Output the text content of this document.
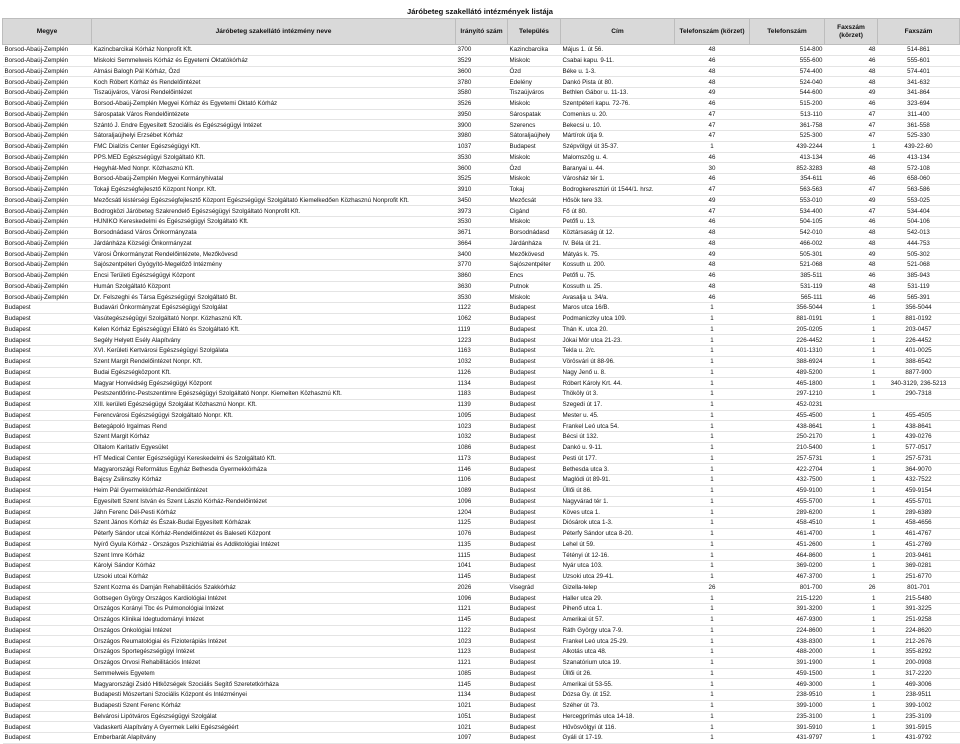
Járóbeteg szakellátó intézmények listája
Megye	Járóbeteg szakellátó intézmény neve	Irányító szám	Település	Cím	Telefonszám (körzet)	Telefonszám	Faxszám (körzet)	Faxszám
Borsod-Abaúj-Zemplén	Kazincbarcikai Kórház Nonprofit Kft.	3700	Kazincbarcika	Május 1. út 56.	48	514-800	48	514-861
Borsod-Abaúj-Zemplén	Miskolci Semmelweis Kórház és Egyetemi Oktatókórház	3529	Miskolc	Csabai kapu. 9-11.	46	555-600	46	555-601
Borsod-Abaúj-Zemplén	Almási Balogh Pál Kórház, Ózd	3600	Ózd	Béke u. 1-3.	48	574-400	48	574-401
Borsod-Abaúj-Zemplén	Koch Róbert Kórház és Rendelőintézet	3780	Edelény	Dankó Pista út 80.	48	524-040	48	341-632
Borsod-Abaúj-Zemplén	Tiszaújváros, Városi Rendelőintézet	3580	Tiszaújváros	Bethlen Gábor u. 11-13.	49	544-600	49	341-864
Borsod-Abaúj-Zemplén	Borsod-Abaúj-Zemplén Megyei Kórház és Egyetemi Oktató Kórház	3526	Miskolc	Szentpéteri kapu. 72-76.	46	515-200	46	323-694
Borsod-Abaúj-Zemplén	Sárospatak Város Rendelőintézete	3950	Sárospatak	Comenius u. 20.	47	513-110	47	311-400
Borsod-Abaúj-Zemplén	Szántó J. Endre Egyesített Szociális és Egészségügyi Intézet	3900	Szerencs	Bekecsi u. 10.	47	361-758	47	361-558
Borsod-Abaúj-Zemplén	Sátoraljaújhelyi Erzsébet Kórház	3980	Sátoraljaújhely	Mártírok útja 9.	47	525-300	47	525-330
Borsod-Abaúj-Zemplén	FMC Dialízis Center Egészségügyi Kft.	1037	Budapest	Szépvölgyi út 35-37.	1	439-2244	1	439-22-60
Borsod-Abaúj-Zemplén	PPS.MED Egészségügyi Szolgáltató Kft.	3530	Miskolc	Malomszög u. 4.	46	413-134	46	413-134
Borsod-Abaúj-Zemplén	Hegyhát-Med Nonpr. Közhasznú Kft.	3600	Ózd	Baranyai u. 44.	30	852-3283	48	572-108
Borsod-Abaúj-Zemplén	Borsod-Abaúj-Zemplén Megyei Kormányhivatal	3525	Miskolc	Városház tér 1.	46	354-611	46	658-060
Borsod-Abaúj-Zemplén	Tokaji Egészségfejlesztő Központ Nonpr. Kft.	3910	Tokaj	Bodrogkeresztúri út 1544/1. hrsz.	47	563-563	47	563-586
Borsod-Abaúj-Zemplén	Mezőcsáti kistérségi Egészségfejlesztő Központ Egészségügyi Szolgáltató Kiemelkedően Közhasznú Nonprofit Kft.	3450	Mezőcsát	Hősök tere 33.	49	553-010	49	553-025
Borsod-Abaúj-Zemplén	Bodrogközi Járóbeteg Szakrendelő Egészségügyi Szolgáltató Nonprofit Kft.	3973	Cigánd	Fő út 80.	47	534-400	47	534-404
Borsod-Abaúj-Zemplén	HUNIKO Kereskedelmi és Egészségügyi Szolgáltató Kft.	3530	Miskolc	Petőfi u. 13.	46	504-105	46	504-106
Borsod-Abaúj-Zemplén	Borsodnádasd Város Önkormányzata	3671	Borsodnádasd	Köztársaság út 12.	48	542-010	48	542-013
Borsod-Abaúj-Zemplén	Járdánháza Községi Önkormányzat	3664	Járdánháza	IV. Béla út 21.	48	466-002	48	444-753
Borsod-Abaúj-Zemplén	Városi Önkormányzat Rendelőintézete, Mezőkövesd	3400	Mezőkövesd	Mátyás k. 75.	49	505-301	49	505-302
Borsod-Abaúj-Zemplén	Sajószentpéteri Gyógyító-Megelőző Intézmény	3770	Sajószentpéter	Kossuth u. 200.	48	521-068	48	521-068
Borsod-Abaúj-Zemplén	Encsi Területi Egészségügyi Központ	3860	Encs	Petőfi u. 75.	46	385-511	46	385-943
Borsod-Abaúj-Zemplén	Humán Szolgáltató Központ	3630	Putnok	Kossuth u. 25.	48	531-119	48	531-119
Borsod-Abaúj-Zemplén	Dr. Felszeghi és Társa Egészségügyi Szolgáltató Bt.	3530	Miskolc	Avasalja u. 34/a.	46	565-111	46	565-391
Budapest	Budavári Önkormányzat Egészségügyi Szolgálat	1122	Budapest	Maros utca 16/B.	1	356-5044	1	356-5044
Budapest	Vasútegészségügyi Szolgáltató Nonpr. Közhasznú Kft.	1062	Budapest	Podmaniczky utca 109.	1	881-0191	1	881-0192
Budapest	Kelen Kórház Egészségügyi Ellátó és Szolgáltató Kft.	1119	Budapest	Thán K. utca 20.	1	205-0205	1	203-0457
Budapest	Segély Helyett Esély Alapítvány	1223	Budapest	Jókai Mór utca 21-23.	1	226-4452	1	226-4452
Budapest	XVI. Kerületi Kertvárosi Egészségügyi Szolgálata	1163	Budapest	Tekla u. 2/c.	1	401-1310	1	401-0025
Budapest	Szent Margit Rendelőintézet Nonpr. Kft.	1032	Budapest	Vörösvári út 88-96.	1	388-6924	1	388-6542
Budapest	Budai Egészségközpont Kft.	1126	Budapest	Nagy Jenő u. 8.	1	489-5200	1	8877-900
Budapest	Magyar Honvédség Egészségügyi Központ	1134	Budapest	Róbert Károly Krt. 44.	1	465-1800	1	340-3129, 236-5213
Budapest	Pestszentlőrinc-Pestszentimre Egészségügyi Szolgáltató Nonpr. Kiemelten Közhasznú Kft.	1183	Budapest	Thököly út 3.	1	297-1210	1	290-7318
Budapest	XIII. kerületi Egészségügyi Szolgálat Közhasznú Nonpr. Kft.	1139	Budapest	Szegedi út 17.	1	452-0231		
Budapest	Ferencvárosi Egészségügyi Szolgáltató Nonpr. Kft.	1095	Budapest	Mester u. 45.	1	455-4500	1	455-4505
Budapest	Betegápoló Irgalmas Rend	1023	Budapest	Frankel Leó utca 54.	1	438-8641	1	438-8641
Budapest	Szent Margit Kórház	1032	Budapest	Bécsi út 132.	1	250-2170	1	439-0276
Budapest	Oltalom Karitatív Egyesület	1086	Budapest	Dankó u. 9-11.	1	210-5400	1	577-0517
Budapest	HT Medical Center Egészségügyi Kereskedelmi és Szolgáltató Kft.	1173	Budapest	Pesti út 177.	1	257-5731	1	257-5731
Budapest	Magyarországi Református Egyház Bethesda Gyermekkórháza	1146	Budapest	Bethesda utca 3.	1	422-2704	1	364-9070
Budapest	Bajcsy Zsilinszky Kórház	1106	Budapest	Maglódi út 89-91.	1	432-7500	1	432-7522
Budapest	Heim Pál Gyermekkórház-Rendelőintézet	1089	Budapest	Üllői út 86.	1	459-9100	1	459-9154
Budapest	Egyesített Szent István és Szent László Kórház-Rendelőintézet	1096	Budapest	Nagyvárad tér 1.	1	455-5700	1	455-5701
Budapest	Jáhn Ferenc Dél-Pesti Kórház	1204	Budapest	Köves utca 1.	1	289-6200	1	289-6389
Budapest	Szent János Kórház és Észak-Budai Egyesített Kórházak	1125	Budapest	Diósárok utca 1-3.	1	458-4510	1	458-4656
Budapest	Péterfy Sándor utcai Kórház-Rendelőintézet és Baleseti Központ	1076	Budapest	Péterfy Sándor utca 8-20.	1	461-4700	1	461-4767
Budapest	Nyírő Gyula Kórház - Országos Pszichiátriai és Addiktológiai Intézet	1135	Budapest	Lehel út 59.	1	451-2600	1	451-2769
Budapest	Szent Imre Kórház	1115	Budapest	Tétényi út 12-16.	1	464-8600	1	203-9461
Budapest	Károlyi Sándor Kórház	1041	Budapest	Nyár utca 103.	1	369-0200	1	369-0281
Budapest	Uzsoki utcai Kórház	1145	Budapest	Uzsoki utca 29-41.	1	467-3700	1	251-6770
Budapest	Szent Kozma és Damján Rehabilitációs Szakkórház	2026	Visegrád	Gizella-telep	26	801-700	26	801-701
Budapest	Gottsegen György Országos Kardiológiai Intézet	1096	Budapest	Haller utca 29.	1	215-1220	1	215-5480
Budapest	Országos Korányi Tbc és Pulmonológiai Intézet	1121	Budapest	Pihenő utca 1.	1	391-3200	1	391-3225
Budapest	Országos Klinikai Idegtudományi Intézet	1145	Budapest	Amerikai út 57.	1	467-9300	1	251-9258
Budapest	Országos Onkológiai Intézet	1122	Budapest	Ráth György utca 7-9.	1	224-8600	1	224-8620
Budapest	Országos Reumatológiai és Fizioterápiás Intézet	1023	Budapest	Frankel Leó utca 25-29.	1	438-8300	1	212-2676
Budapest	Országos Sportegészségügyi Intézet	1123	Budapest	Alkotás utca 48.	1	488-2000	1	355-8292
Budapest	Országos Orvosi Rehabilitációs Intézet	1121	Budapest	Szanatórium utca 19.	1	391-1900	1	200-0908
Budapest	Semmelweis Egyetem	1085	Budapest	Üllői út 26.	1	459-1500	1	317-2220
Budapest	Magyarországi Zsidó Hitközségek Szociális Segítő Szeretetkórháza	1145	Budapest	Amerikai út 53-55.	1	469-3000	1	469-3006
Budapest	Budapesti Mószertani Szociális Központ és Intézményei	1134	Budapest	Dózsa Gy. út 152.	1	238-9510	1	238-9511
Budapest	Budapesti Szent Ferenc Kórház	1021	Budapest	Széher út 73.	1	399-1000	1	399-1002
Budapest	Belvárosi Lipótváros Egészségügyi Szolgálat	1051	Budapest	Hercegprímás utca 14-18.	1	235-3100	1	235-3109
Budapest	Vadaskerti Alapítvány A Gyermek Lelki Egészségéért	1021	Budapest	Hűvösvölgyi út 116.	1	391-5910	1	391-5915
Budapest	Emberbarát Alapítvány	1097	Budapest	Gyáli út 17-19.	1	431-9797	1	431-9792
